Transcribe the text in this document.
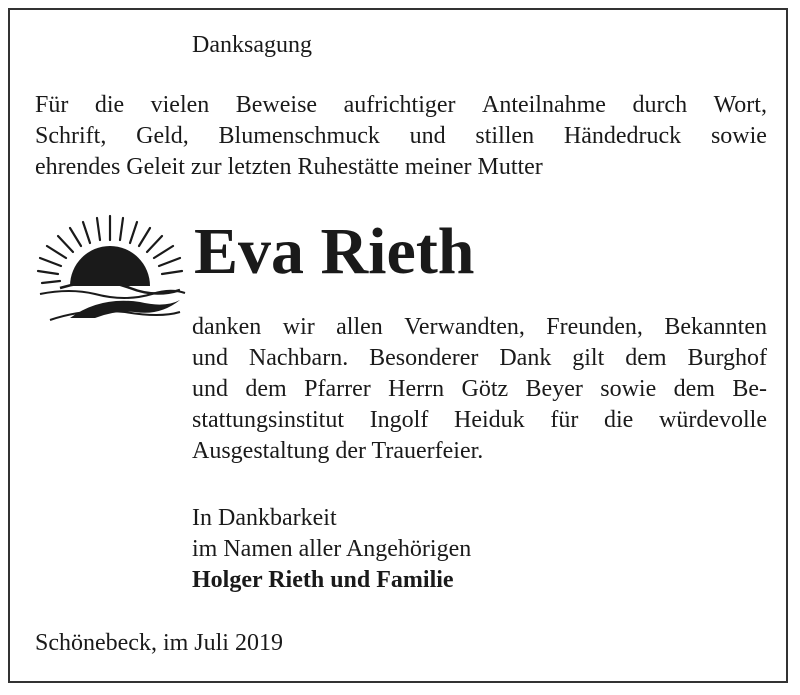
Danksagung
Für die vielen Beweise aufrichtiger Anteilnahme durch Wort,
Schrift, Geld, Blumenschmuck und stillen Händedruck sowie
ehrendes Geleit zur letzten Ruhestätte meiner Mutter
Eva Rieth
danken wir allen Verwandten, Freunden, Bekannten
und Nachbarn. Besonderer Dank gilt dem Burghof
und dem Pfarrer Herrn Götz Beyer sowie dem Be-
stattungsinstitut Ingolf Heiduk für die würdevolle
Ausgestaltung der Trauerfeier.
In Dankbarkeit
im Namen aller Angehörigen
Holger Rieth und Familie
Schönebeck, im Juli 2019
